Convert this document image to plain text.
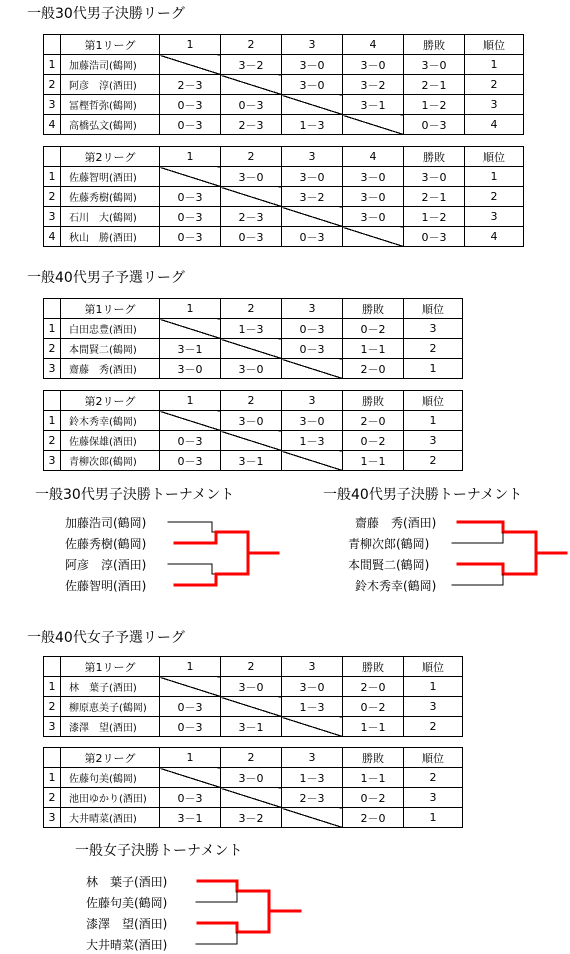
一般30代男子決勝リーグ
一般40代男子予選リーグ
一般30代男子決勝トーナメント	一般40代男子決勝トーナメント
一般40代女子予選リーグ
一般女子決勝トーナメント
	第1リーグ	1	2	3	4	勝敗	順位
1	加藤浩司(鶴岡)		3－2	3－0	3－0	3－0	1
2	阿彦　淳(酒田)	2－3		3－0	3－2	2－1	2
3	冨樫哲弥(鶴岡)	0－3	0－3		3－1	1－2	3
4	高橋弘文(鶴岡)	0－3	2－3	1－3		0－3	4
	第2リーグ	1	2	3	4	勝敗	順位
1	佐藤智明(酒田)		3－0	3－0	3－0	3－0	1
2	佐藤秀樹(鶴岡)	0－3		3－2	3－0	2－1	2
3	石川　大(鶴岡)	0－3	2－3		3－0	1－2	3
4	秋山　勝(酒田)	0－3	0－3	0－3		0－3	4
	第1リーグ	1	2	3	勝敗	順位
1	白田忠豊(酒田)		1－3	0－3	0－2	3
2	本間賢二(鶴岡)	3－1		0－3	1－1	2
3	齋藤　秀(酒田)	3－0	3－0		2－0	1
	第2リーグ	1	2	3	勝敗	順位
1	鈴木秀幸(鶴岡)		3－0	3－0	2－0	1
2	佐藤保雄(酒田)	0－3		1－3	0－2	3
3	青柳次郎(鶴岡)	0－3	3－1		1－1	2
	第1リーグ	1	2	3	勝敗	順位
1	林　葉子(酒田)		3－0	3－0	2－0	1
2	柳原恵美子(鶴岡)	0－3		1－3	0－2	3
3	漆澤　望(酒田)	0－3	3－1		1－1	2
	第2リーグ	1	2	3	勝敗	順位
1	佐藤句美(鶴岡)		3－0	1－3	1－1	2
2	池田ゆかり(酒田)	0－3		2－3	0－2	3
3	大井晴菜(酒田)	3－1	3－2		2－0	1
加藤浩司(鶴岡)
佐藤秀樹(鶴岡)
阿彦　淳(酒田)
佐藤智明(酒田)
齋藤　秀(酒田)
青柳次郎(鶴岡)
本間賢二(鶴岡)
鈴木秀幸(鶴岡)
林　葉子(酒田)
佐藤句美(鶴岡)
漆澤　望(酒田)
大井晴菜(酒田)
